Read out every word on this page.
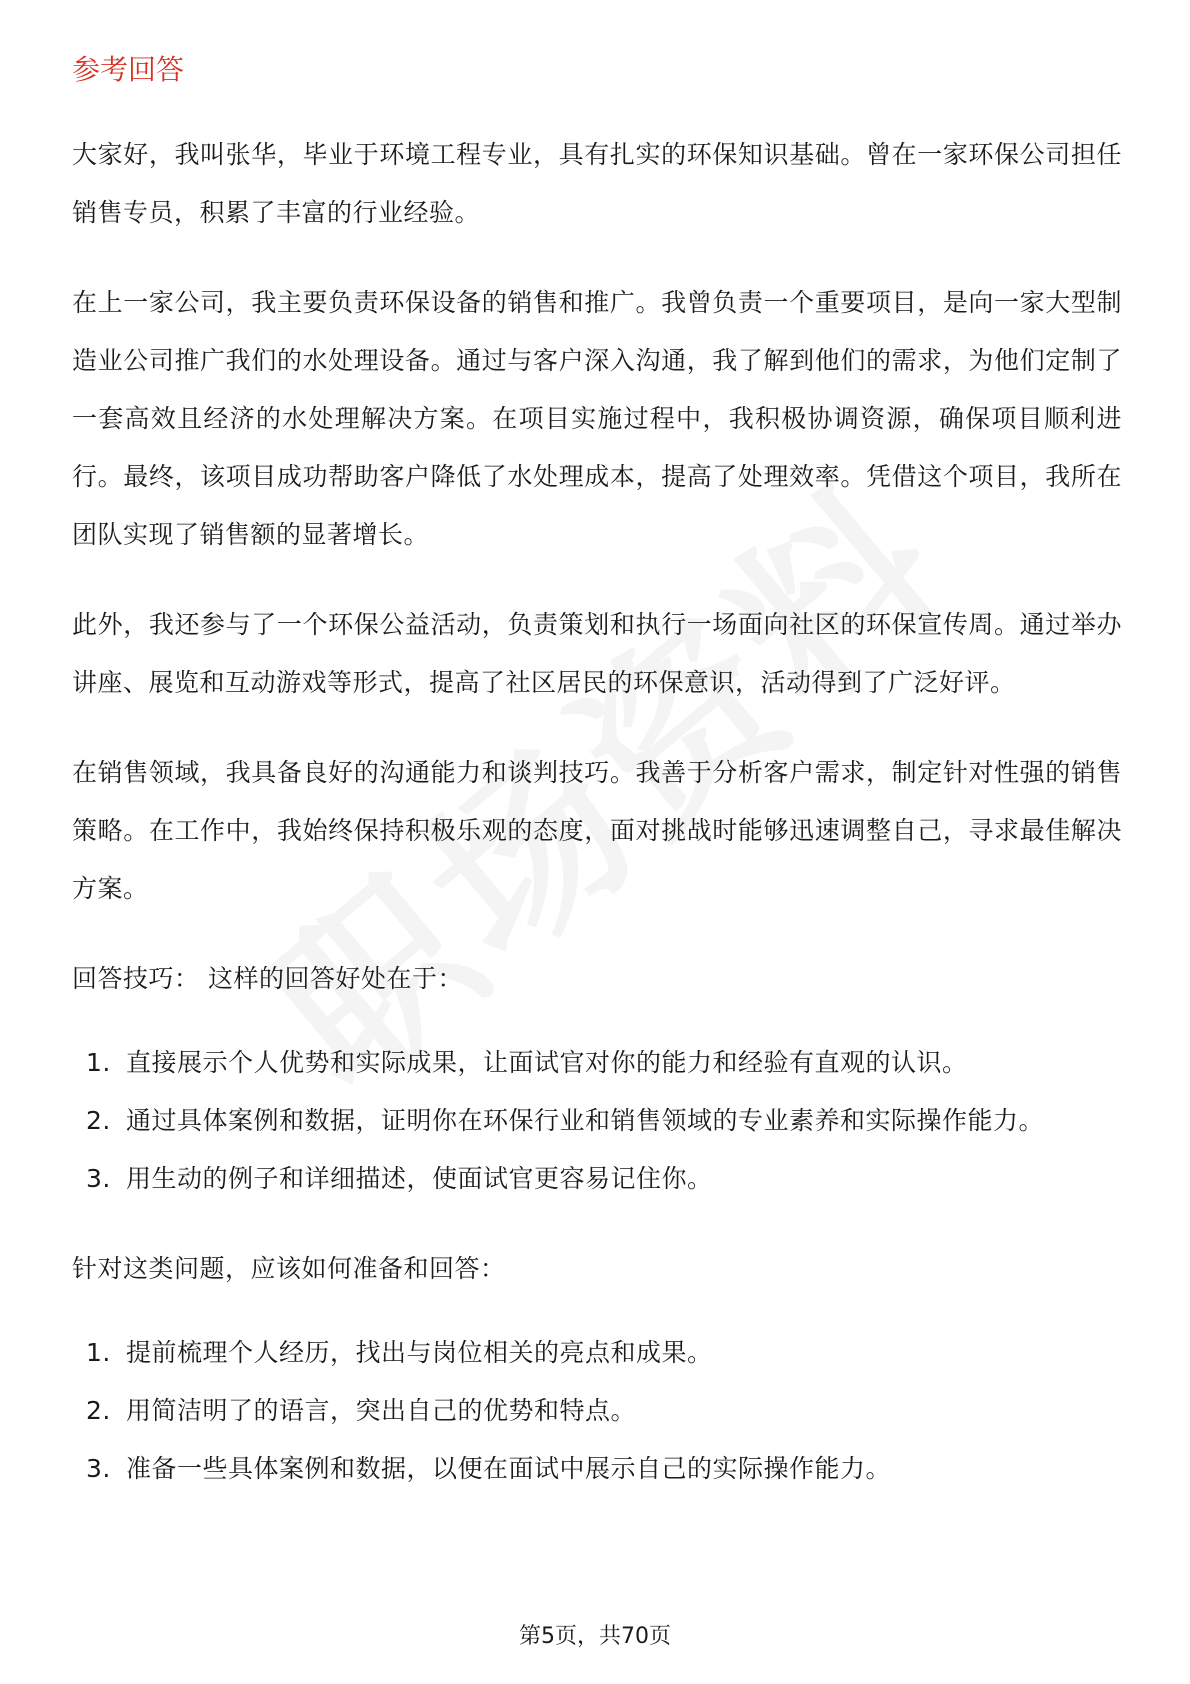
参考回答

大家好，我叫张华，毕业于环境工程专业，具有扎实的环保知识基础。曾在一家环保公司担任销售专员，积累了丰富的行业经验。

在上一家公司，我主要负责环保设备的销售和推广。我曾负责一个重要项目，是向一家大型制造业公司推广我们的水处理设备。通过与客户深入沟通，我了解到他们的需求，为他们定制了一套高效且经济的水处理解决方案。在项目实施过程中，我积极协调资源，确保项目顺利进行。最终，该项目成功帮助客户降低了水处理成本，提高了处理效率。凭借这个项目，我所在团队实现了销售额的显著增长。

此外，我还参与了一个环保公益活动，负责策划和执行一场面向社区的环保宣传周。通过举办讲座、展览和互动游戏等形式，提高了社区居民的环保意识，活动得到了广泛好评。

在销售领域，我具备良好的沟通能力和谈判技巧。我善于分析客户需求，制定针对性强的销售策略。在工作中，我始终保持积极乐观的态度，面对挑战时能够迅速调整自己，寻求最佳解决方案。

回答技巧： 这样的回答好处在于：

1. 直接展示个人优势和实际成果，让面试官对你的能力和经验有直观的认识。
2. 通过具体案例和数据，证明你在环保行业和销售领域的专业素养和实际操作能力。
3. 用生动的例子和详细描述，使面试官更容易记住你。

针对这类问题，应该如何准备和回答：

1. 提前梳理个人经历，找出与岗位相关的亮点和成果。
2. 用简洁明了的语言，突出自己的优势和特点。
3. 准备一些具体案例和数据，以便在面试中展示自己的实际操作能力。
第5页，共70页
